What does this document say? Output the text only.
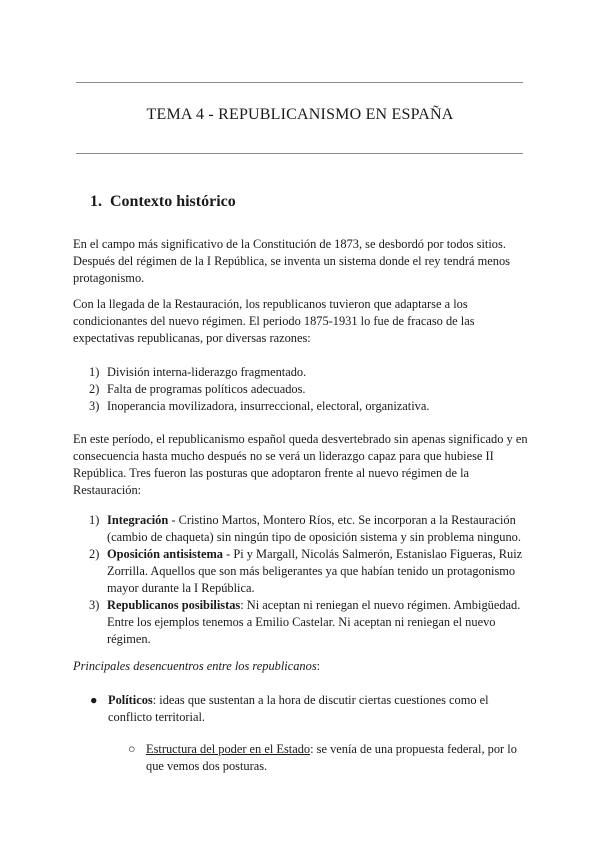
TEMA 4 - REPUBLICANISMO EN ESPAÑA
1. Contexto histórico
En el campo más significativo de la Constitución de 1873, se desbordó por todos sitios. Después del régimen de la I República, se inventa un sistema donde el rey tendrá menos protagonismo.
Con la llegada de la Restauración, los republicanos tuvieron que adaptarse a los condicionantes del nuevo régimen. El periodo 1875-1931 lo fue de fracaso de las expectativas republicanas, por diversas razones:
1) División interna-liderazgo fragmentado.
2) Falta de programas políticos adecuados.
3) Inoperancia movilizadora, insurreccional, electoral, organizativa.
En este período, el republicanismo español queda desvertebrado sin apenas significado y en consecuencia hasta mucho después no se verá un liderazgo capaz para que hubiese II República. Tres fueron las posturas que adoptaron frente al nuevo régimen de la Restauración:
1) Integración - Cristino Martos, Montero Ríos, etc. Se incorporan a la Restauración (cambio de chaqueta) sin ningún tipo de oposición sistema y sin problema ninguno.
2) Oposición antisistema - Pi y Margall, Nicolás Salmerón, Estanislao Figueras, Ruiz Zorrilla. Aquellos que son más beligerantes ya que habían tenido un protagonismo mayor durante la I República.
3) Republicanos posibilistas: Ni aceptan ni reniegan el nuevo régimen. Ambigüedad. Entre los ejemplos tenemos a Emilio Castelar. Ni aceptan ni reniegan el nuevo régimen.
Principales desencuentros entre los republicanos:
● Políticos: ideas que sustentan a la hora de discutir ciertas cuestiones como el conflicto territorial.
○ Estructura del poder en el Estado: se venía de una propuesta federal, por lo que vemos dos posturas.
